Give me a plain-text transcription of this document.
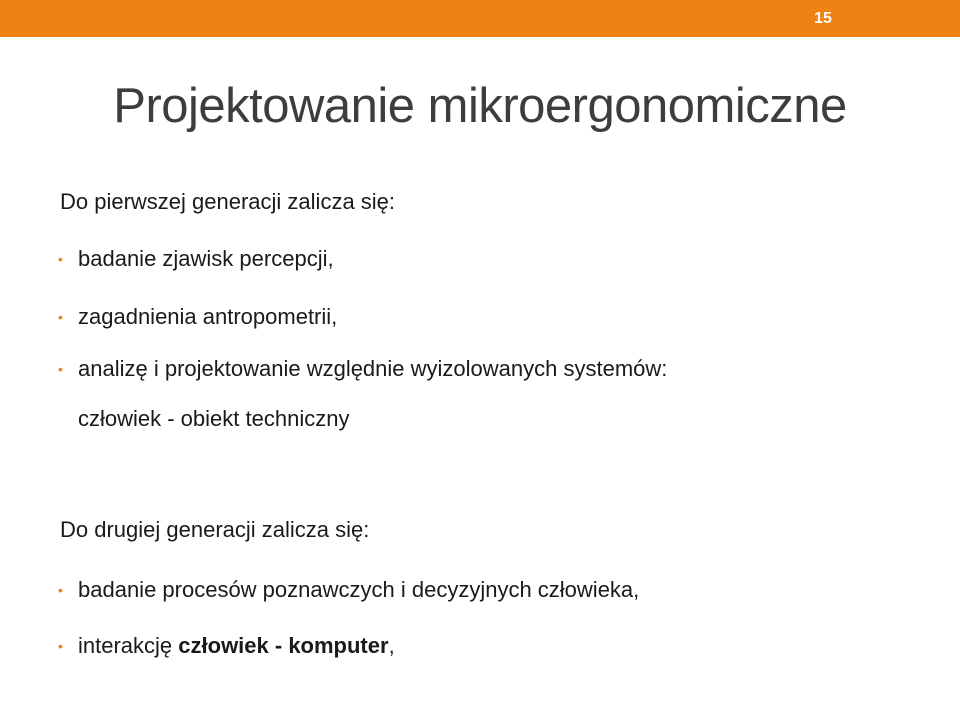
15
Projektowanie mikroergonomiczne
Do pierwszej generacji zalicza się:
• badanie zjawisk percepcji,
• zagadnienia antropometrii,
• analizę i projektowanie względnie wyizolowanych systemów:
człowiek - obiekt techniczny
Do drugiej generacji zalicza się:
• badanie procesów poznawczych i decyzyjnych człowieka,
• interakcję człowiek - komputer,
